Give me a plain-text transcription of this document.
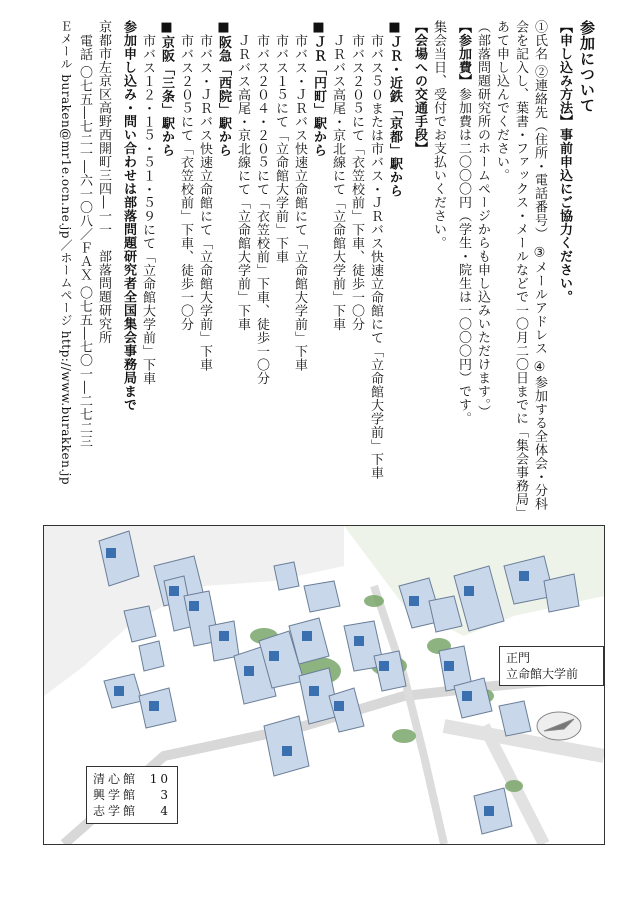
参加について

【申し込み方法】事前申込にご協力ください。

①氏名 ②連絡先（住所・電話番号） ③メールアドレス ④参加する全体会・分科会を記入し、葉書・ファックス・メールなどで一〇月二〇日までに「集会事務局」あて申し込んでください。

（部落問題研究所のホームページからも申し込みいただけます。）

【参加費】参加費は二〇〇〇円（学生・院生は一〇〇〇円）です。

集会当日、受付でお支払いください。

【会場への交通手段】

■ＪＲ・近鉄「京都」駅から

市バス５０または市バス・ＪＲバス快速立命館にて「立命館大学前」下車

市バス２０５にて「衣笠校前」下車、徒歩一〇分

ＪＲバス高尾・京北線にて「立命館大学前」下車

■ＪＲ「円町」駅から

市バス・ＪＲバス快速立命館にて「立命館大学前」下車

市バス１５にて「立命館大学前」下車

市バス２０４・２０５にて「衣笠校前」下車、徒歩一〇分

ＪＲバス高尾・京北線にて「立命館大学前」下車

■阪急「西院」駅から

市バス・ＪＲバス快速立命館にて「立命館大学前」下車

市バス２０５にて「衣笠校前」下車、徒歩一〇分

■京阪「三条」駅から

市バス１２・１５・５１・５９にて「立命館大学前」下車

参加申し込み・問い合わせは部落問題研究者全国集会事務局まで

京都市左京区高野西開町三四―一一　部落問題研究所

電話 〇七五―七二一―六一〇八／ＦＡＸ 〇七五―七〇一―二七二三

Ｅメール buraken@mr1e.ocn.ne.jp／ホームページ http://www.burakken.jp

正門
立命館大学前
清心館 10
興学館 3
志学館 4
